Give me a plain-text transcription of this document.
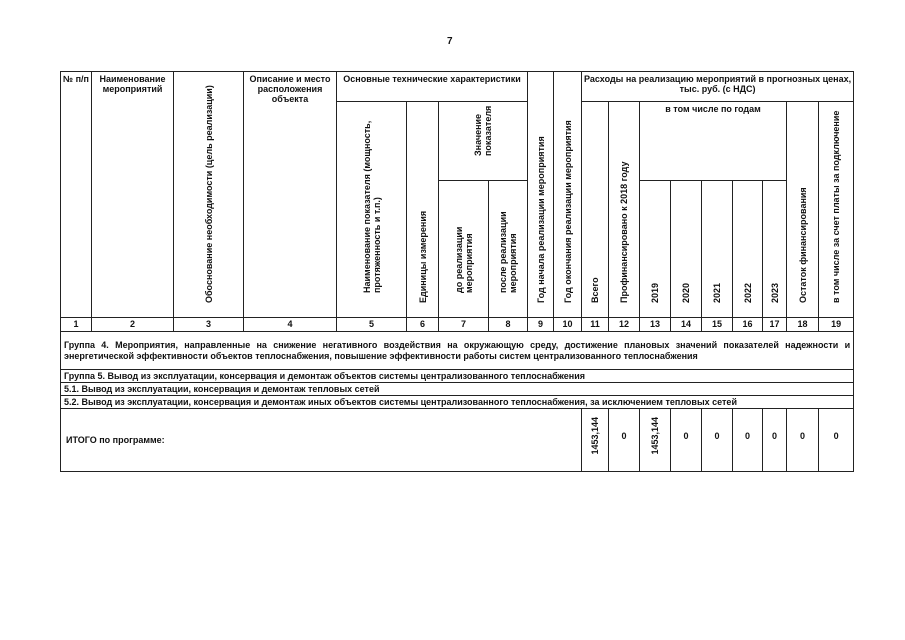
7
№ п/п	Наименование мероприятий	Обоснование необходимости (цель реализации)	Описание и место расположения объекта	Основные технические характеристики				Год начала реализации мероприятия	Год окончания реализации мероприятия	Расходы на реализацию мероприятий в прогнозных ценах, тыс. руб. (с НДС)								

				Наименование показателя (мощность, протяженность и т.п.)	Единицы измерения	Значение показателя				Всего	Профинансировано к 2018 году	в том числе по годам					Остаток финансирования	в том числе за счет платы за подключение

						до реализации мероприятия	после реализации мероприятия					2019	2020	2021	2022	2023		

1	2	3	4	5	6	7	8	9	10	11	12	13	14	15	16	17	18	19
Группа 4. Мероприятия, направленные на снижение негативного воздействия на окружающую среду, достижение плановых значений показателей надежности и энергетической эффективности объектов теплоснабжения, повышение эффективности работы систем централизованного теплоснабжения																		
Группа 5. Вывод из эксплуатации, консервация и демонтаж объектов системы централизованного теплоснабжения																		
5.1. Вывод из эксплуатации, консервация и демонтаж тепловых сетей																		
5.2. Вывод из эксплуатации, консервация и демонтаж иных объектов системы централизованного теплоснабжения, за исключением тепловых сетей																		
ИТОГО по программе:										1453,144	0	1453,144	0	0	0	0	0	0
